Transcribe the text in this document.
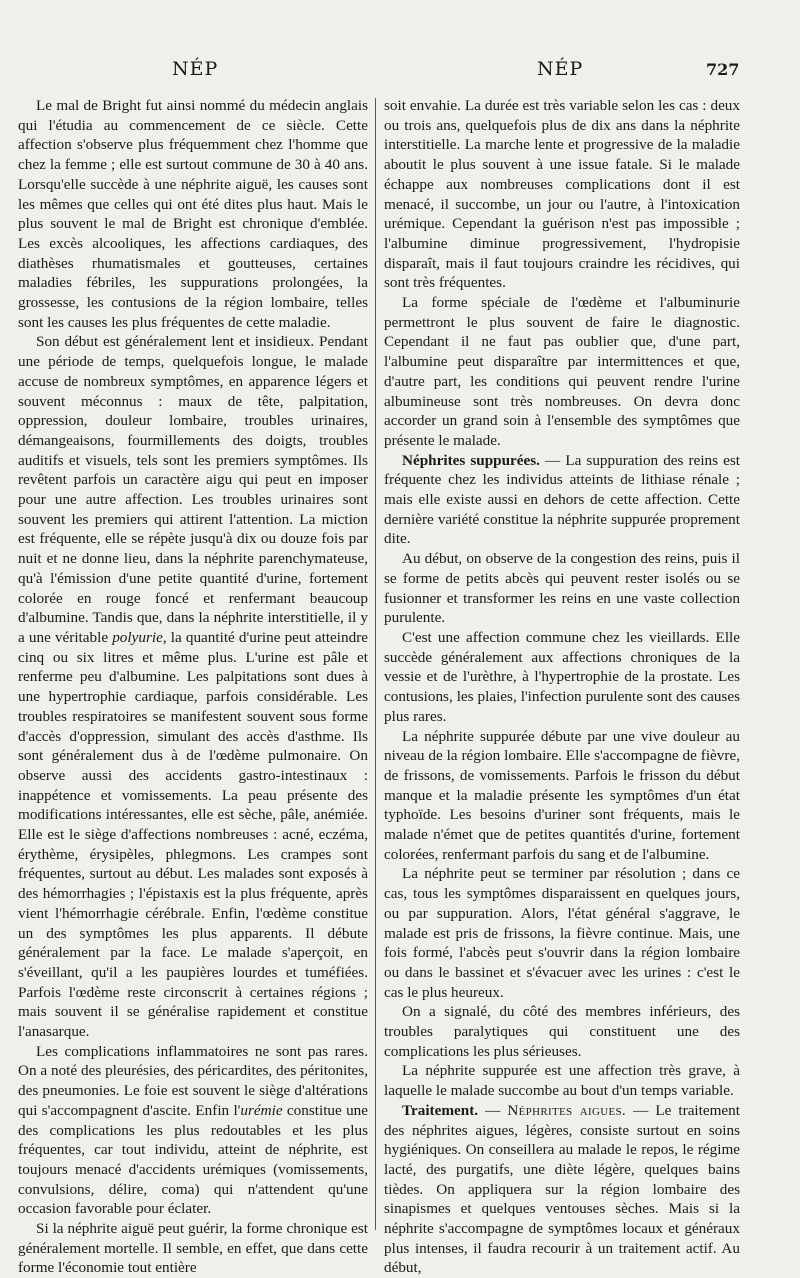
NÉP	NÉP	727

Le mal de Bright fut ainsi nommé du médecin anglais qui l'étudia au commencement de ce siècle. Cette affection s'observe plus fréquemment chez l'homme que chez la femme ; elle est surtout commune de 30 à 40 ans. Lorsqu'elle succède à une néphrite aiguë, les causes sont les mêmes que celles qui ont été dites plus haut. Mais le plus souvent le mal de Bright est chronique d'emblée. Les excès alcooliques, les affections cardiaques, des diathèses rhumatismales et goutteuses, certaines maladies fébriles, les suppurations prolongées, la grossesse, les contusions de la région lombaire, telles sont les causes les plus fréquentes de cette maladie.

Son début est généralement lent et insidieux. Pendant une période de temps, quelquefois longue, le malade accuse de nombreux symptômes, en apparence légers et souvent méconnus : maux de tête, palpitation, oppression, douleur lombaire, troubles urinaires, démangeaisons, fourmillements des doigts, troubles auditifs et visuels, tels sont les premiers symptômes. Ils revêtent parfois un caractère aigu qui peut en imposer pour une autre affection. Les troubles urinaires sont souvent les premiers qui attirent l'attention. La miction est fréquente, elle se répète jusqu'à dix ou douze fois par nuit et ne donne lieu, dans la néphrite parenchymateuse, qu'à l'émission d'une petite quantité d'urine, fortement colorée en rouge foncé et renfermant beaucoup d'albumine. Tandis que, dans la néphrite interstitielle, il y a une véritable polyurie, la quantité d'urine peut atteindre cinq ou six litres et même plus. L'urine est pâle et renferme peu d'albumine. Les palpitations sont dues à une hypertrophie cardiaque, parfois considérable. Les troubles respiratoires se manifestent souvent sous forme d'accès d'oppression, simulant des accès d'asthme. Ils sont généralement dus à de l'œdème pulmonaire. On observe aussi des accidents gastro-intestinaux : inappétence et vomissements. La peau présente des modifications intéressantes, elle est sèche, pâle, anémiée. Elle est le siège d'affections nombreuses : acné, eczéma, érythème, érysipèles, phlegmons. Les crampes sont fréquentes, surtout au début. Les malades sont exposés à des hémorrhagies ; l'épistaxis est la plus fréquente, après vient l'hémorrhagie cérébrale. Enfin, l'œdème constitue un des symptômes les plus apparents. Il débute généralement par la face. Le malade s'aperçoit, en s'éveillant, qu'il a les paupières lourdes et tuméfiées. Parfois l'œdème reste circonscrit à certaines régions ; mais souvent il se généralise rapidement et constitue l'anasarque.

Les complications inflammatoires ne sont pas rares. On a noté des pleurésies, des péricardites, des péritonites, des pneumonies. Le foie est souvent le siège d'altérations qui s'accompagnent d'ascite. Enfin l'urémie constitue une des complications les plus redoutables et les plus fréquentes, car tout individu, atteint de néphrite, est toujours menacé d'accidents urémiques (vomissements, convulsions, délire, coma) qui n'attendent qu'une occasion favorable pour éclater.

Si la néphrite aiguë peut guérir, la forme chronique est généralement mortelle. Il semble, en effet, que dans cette forme l'économie tout entière

soit envahie. La durée est très variable selon les cas : deux ou trois ans, quelquefois plus de dix ans dans la néphrite interstitielle. La marche lente et progressive de la maladie aboutit le plus souvent à une issue fatale. Si le malade échappe aux nombreuses complications dont il est menacé, il succombe, un jour ou l'autre, à l'intoxication urémique. Cependant la guérison n'est pas impossible ; l'albumine diminue progressivement, l'hydropisie disparaît, mais il faut toujours craindre les récidives, qui sont très fréquentes.

La forme spéciale de l'œdème et l'albuminurie permettront le plus souvent de faire le diagnostic. Cependant il ne faut pas oublier que, d'une part, l'albumine peut disparaître par intermittences et que, d'autre part, les conditions qui peuvent rendre l'urine albumineuse sont très nombreuses. On devra donc accorder un grand soin à l'ensemble des symptômes que présente le malade.

Néphrites suppurées. — La suppuration des reins est fréquente chez les individus atteints de lithiase rénale ; mais elle existe aussi en dehors de cette affection. Cette dernière variété constitue la néphrite suppurée proprement dite.

Au début, on observe de la congestion des reins, puis il se forme de petits abcès qui peuvent rester isolés ou se fusionner et transformer les reins en une vaste collection purulente.

C'est une affection commune chez les vieillards. Elle succède généralement aux affections chroniques de la vessie et de l'urèthre, à l'hypertrophie de la prostate. Les contusions, les plaies, l'infection purulente sont des causes plus rares.

La néphrite suppurée débute par une vive douleur au niveau de la région lombaire. Elle s'accompagne de fièvre, de frissons, de vomissements. Parfois le frisson du début manque et la maladie présente les symptômes d'un état typhoïde. Les besoins d'uriner sont fréquents, mais le malade n'émet que de petites quantités d'urine, fortement colorées, renfermant parfois du sang et de l'albumine.

La néphrite peut se terminer par résolution ; dans ce cas, tous les symptômes disparaissent en quelques jours, ou par suppuration. Alors, l'état général s'aggrave, le malade est pris de frissons, la fièvre continue. Mais, une fois formé, l'abcès peut s'ouvrir dans la région lombaire ou dans le bassinet et s'évacuer avec les urines : c'est le cas le plus heureux.

On a signalé, du côté des membres inférieurs, des troubles paralytiques qui constituent une des complications les plus sérieuses.

La néphrite suppurée est une affection très grave, à laquelle le malade succombe au bout d'un temps variable.

Traitement. — Néphrites aigues. — Le traitement des néphrites aigues, légères, consiste surtout en soins hygiéniques. On conseillera au malade le repos, le régime lacté, des purgatifs, une diète légère, quelques bains tièdes. On appliquera sur la région lombaire des sinapismes et quelques ventouses sèches. Mais si la néphrite s'accompagne de symptômes locaux et généraux plus intenses, il faudra recourir à un traitement actif. Au début,
